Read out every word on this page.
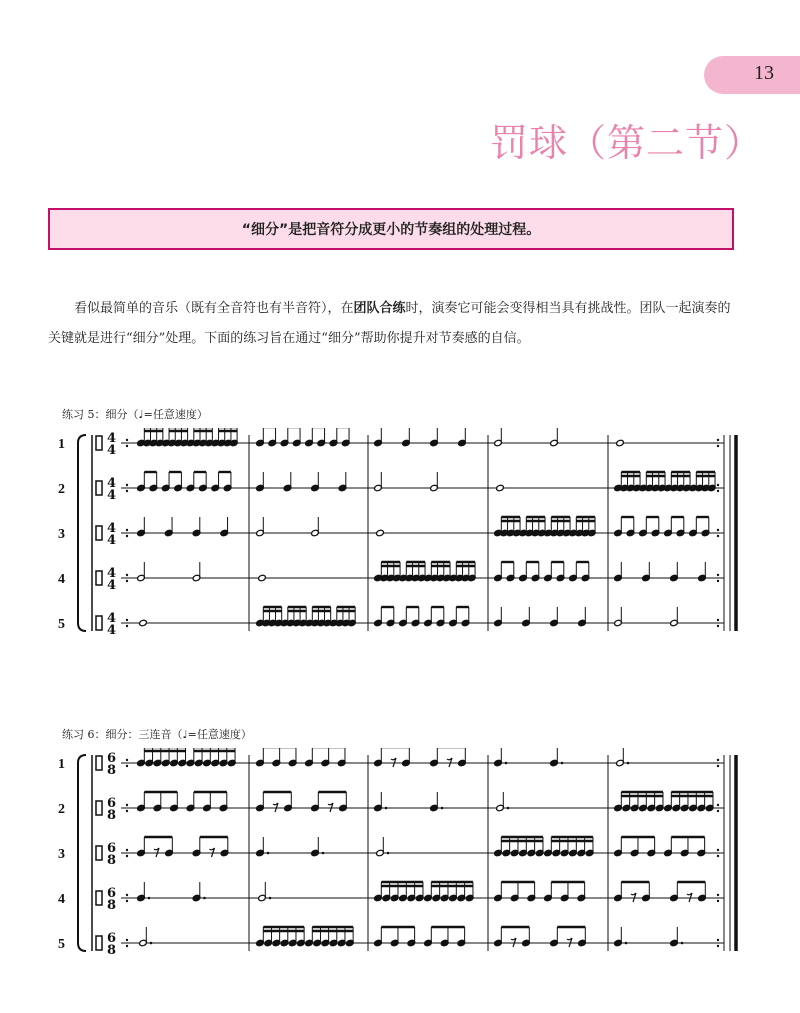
13
罚球（第二节）
“细分”是把音符分成更小的节奏组的处理过程。

看似最简单的音乐（既有全音符也有半音符），在团队合练时，演奏它可能会变得相当具有挑战性。团队一起演奏的关键就是进行“细分”处理。下面的练习旨在通过“细分”帮助你提升对节奏感的自信。

练习 5：细分（♩=任意速度）
1	4
4
2	4
4
3	4
4
4	4
4
5	4
4
练习 6：细分：三连音（♩=任意速度）
1	6
8
2	6
8
3	6
8
4	6
8
5	6
8
